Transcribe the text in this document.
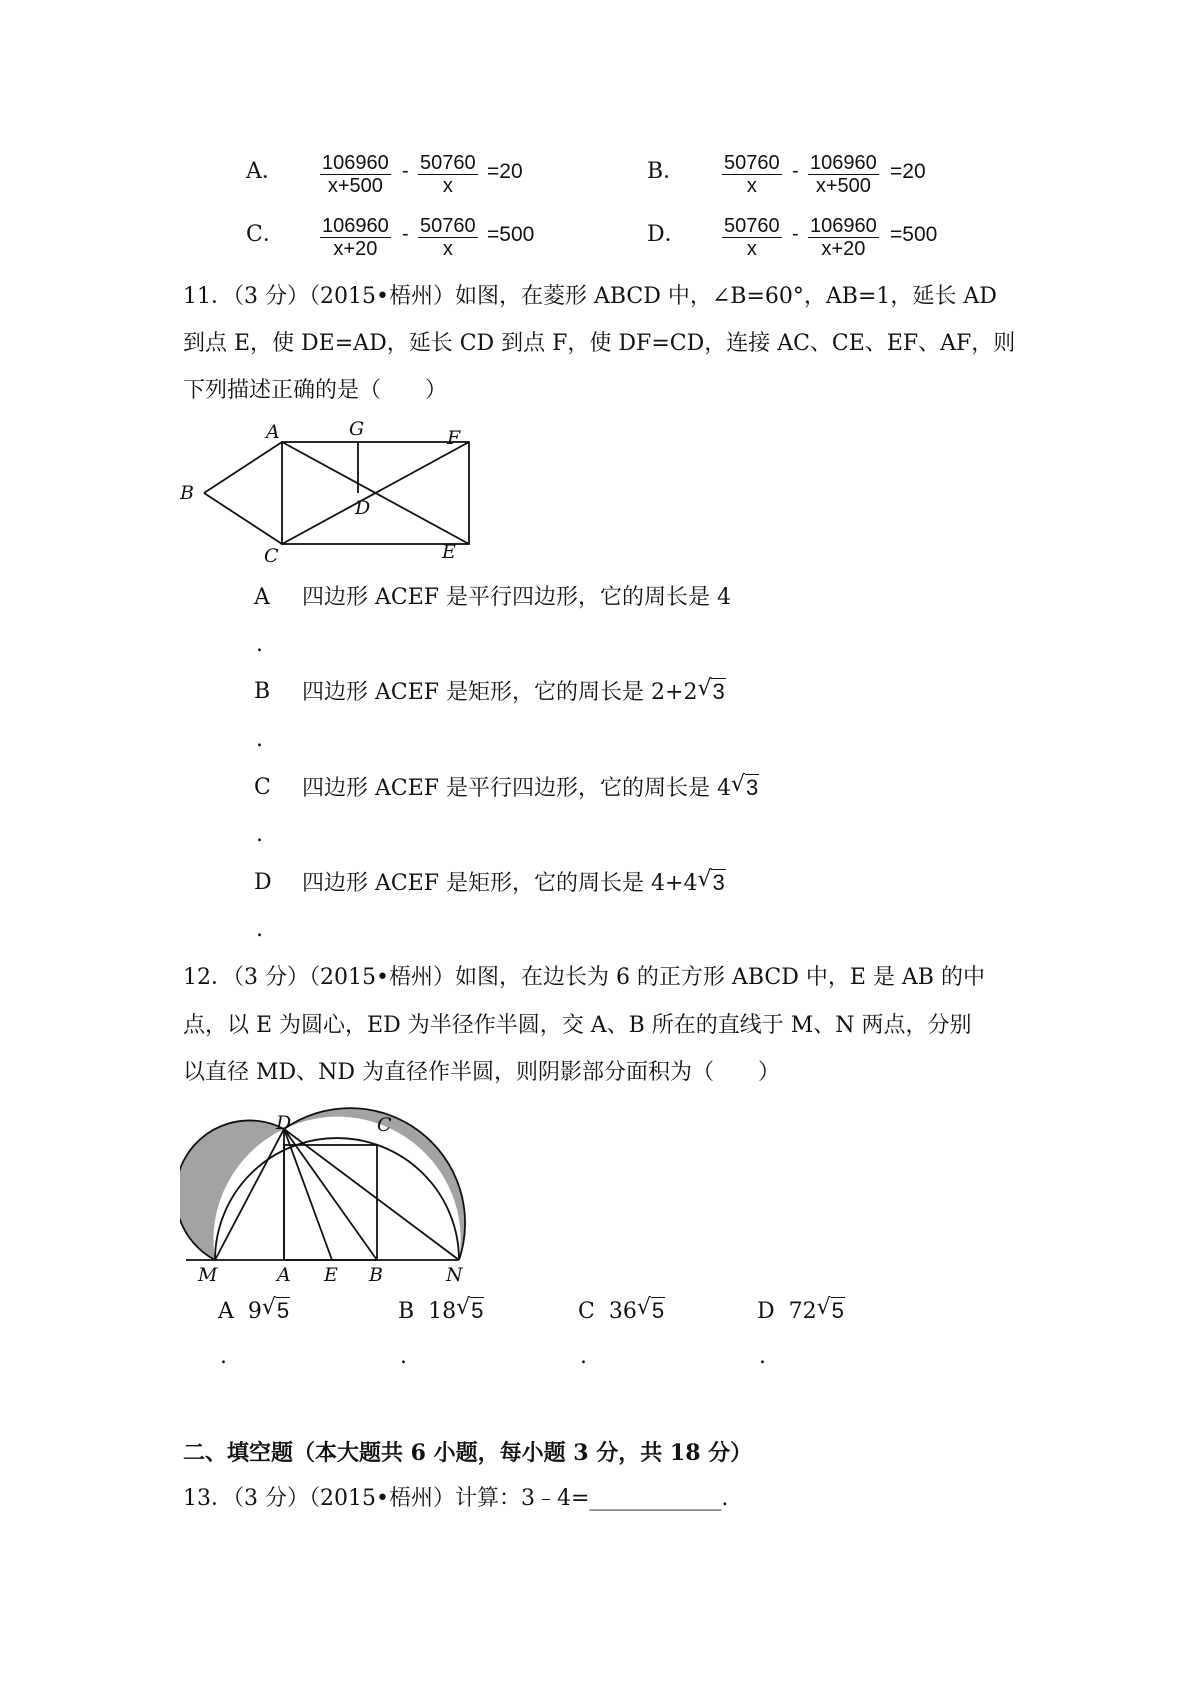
A． $\frac{106960}{x+500} - \frac{50760}{x} =20$	B． $\frac{50760}{x} - \frac{106960}{x+500} =20$
C． $\frac{106960}{x+20} - \frac{50760}{x} =500$	D． $\frac{50760}{x} - \frac{106960}{x+20} =500$
11．（3 分）（2015•梧州）如图，在菱形 ABCD 中，∠B=60°，AB=1，延长 AD
到点 E，使 DE=AD，延长 CD 到点 F，使 DF=CD，连接 AC、CE、EF、AF，则
下列描述正确的是（　　）
A
B
C
D
E
F
G
A 四边形 ACEF 是平行四边形，它的周长是 4
.
B 四边形 ACEF 是矩形，它的周长是 2+2 √ 3
.
C 四边形 ACEF 是平行四边形，它的周长是 4 √ 3
.
D 四边形 ACEF 是矩形，它的周长是 4+4 √ 3
.
12．（3 分）（2015•梧州）如图，在边长为 6 的正方形 ABCD 中，E 是 AB 的中
点，以 E 为圆心，ED 为半径作半圆，交 A、B 所在的直线于 M、N 两点，分别
以直径 MD、ND 为直径作半圆，则阴影部分面积为（　　）
D	C
M	A E B	N
A 9 √ 5
.
B 18 √ 5
.
C 36 √ 5
.
D 72 √ 5
.
二、填空题（本大题共 6 小题，每小题 3 分，共 18 分）
13．（3 分）（2015•梧州）计算：3﹣4=____________.
